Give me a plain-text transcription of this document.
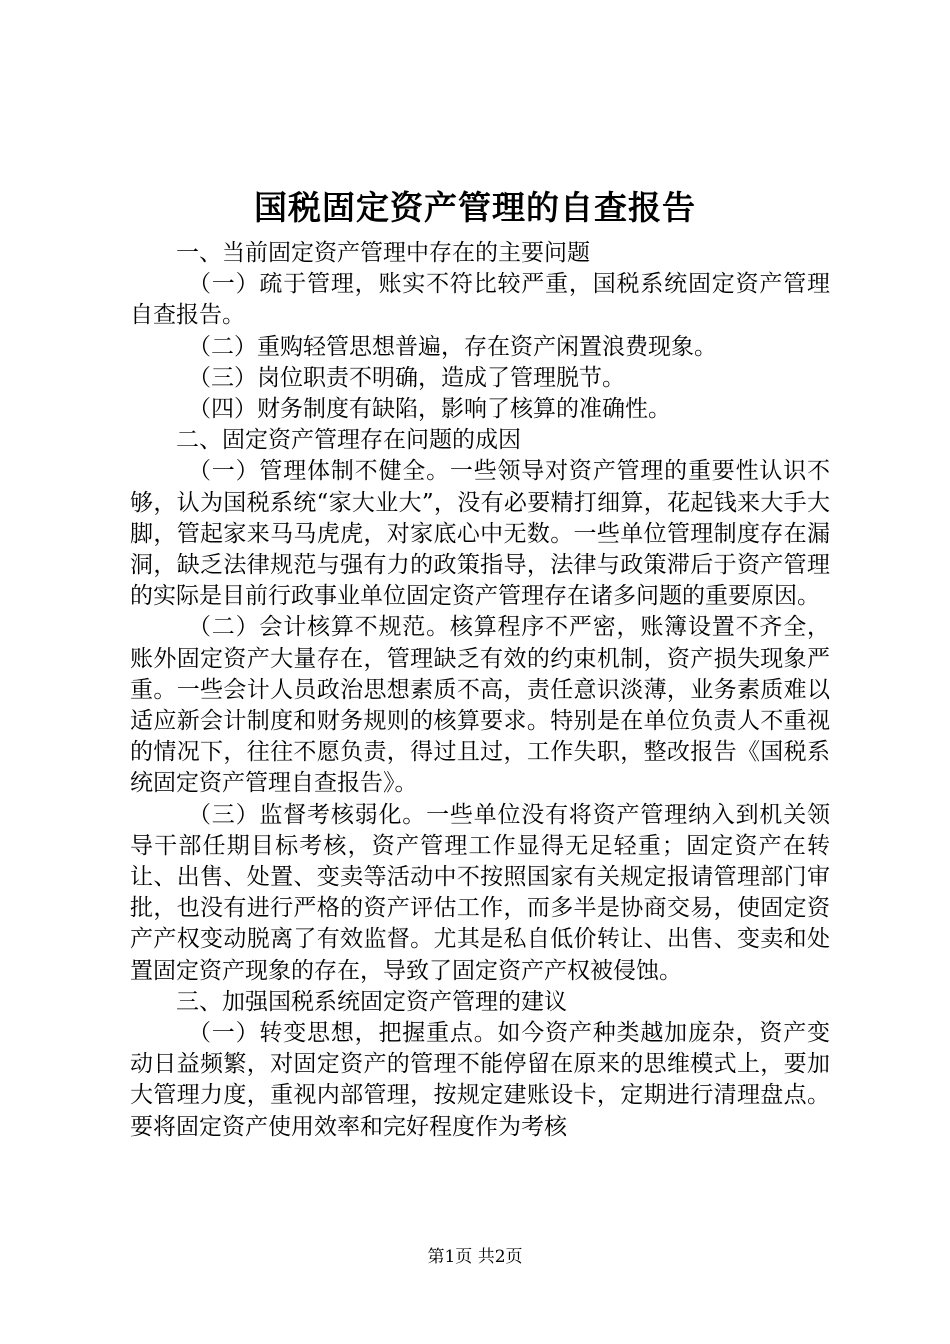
国税固定资产管理的自查报告

一、当前固定资产管理中存在的主要问题

（一）疏于管理，账实不符比较严重，国税系统固定资产管理自查报告。

（二）重购轻管思想普遍，存在资产闲置浪费现象。

（三）岗位职责不明确，造成了管理脱节。

（四）财务制度有缺陷，影响了核算的准确性。

二、固定资产管理存在问题的成因

（一）管理体制不健全。一些领导对资产管理的重要性认识不够，认为国税系统“家大业大”，没有必要精打细算，花起钱来大手大脚，管起家来马马虎虎，对家底心中无数。一些单位管理制度存在漏洞，缺乏法律规范与强有力的政策指导，法律与政策滞后于资产管理的实际是目前行政事业单位固定资产管理存在诸多问题的重要原因。

（二）会计核算不规范。核算程序不严密，账簿设置不齐全，账外固定资产大量存在，管理缺乏有效的约束机制，资产损失现象严重。一些会计人员政治思想素质不高，责任意识淡薄，业务素质难以适应新会计制度和财务规则的核算要求。特别是在单位负责人不重视的情况下，往往不愿负责，得过且过，工作失职，整改报告《国税系统固定资产管理自查报告》。

（三）监督考核弱化。一些单位没有将资产管理纳入到机关领导干部任期目标考核，资产管理工作显得无足轻重；固定资产在转让、出售、处置、变卖等活动中不按照国家有关规定报请管理部门审批，也没有进行严格的资产评估工作，而多半是协商交易，使固定资产产权变动脱离了有效监督。尤其是私自低价转让、出售、变卖和处置固定资产现象的存在，导致了固定资产产权被侵蚀。

三、加强国税系统固定资产管理的建议

（一）转变思想，把握重点。如今资产种类越加庞杂，资产变动日益频繁，对固定资产的管理不能停留在原来的思维模式上，要加大管理力度，重视内部管理，按规定建账设卡，定期进行清理盘点。要将固定资产使用效率和完好程度作为考核

第1页 共2页
